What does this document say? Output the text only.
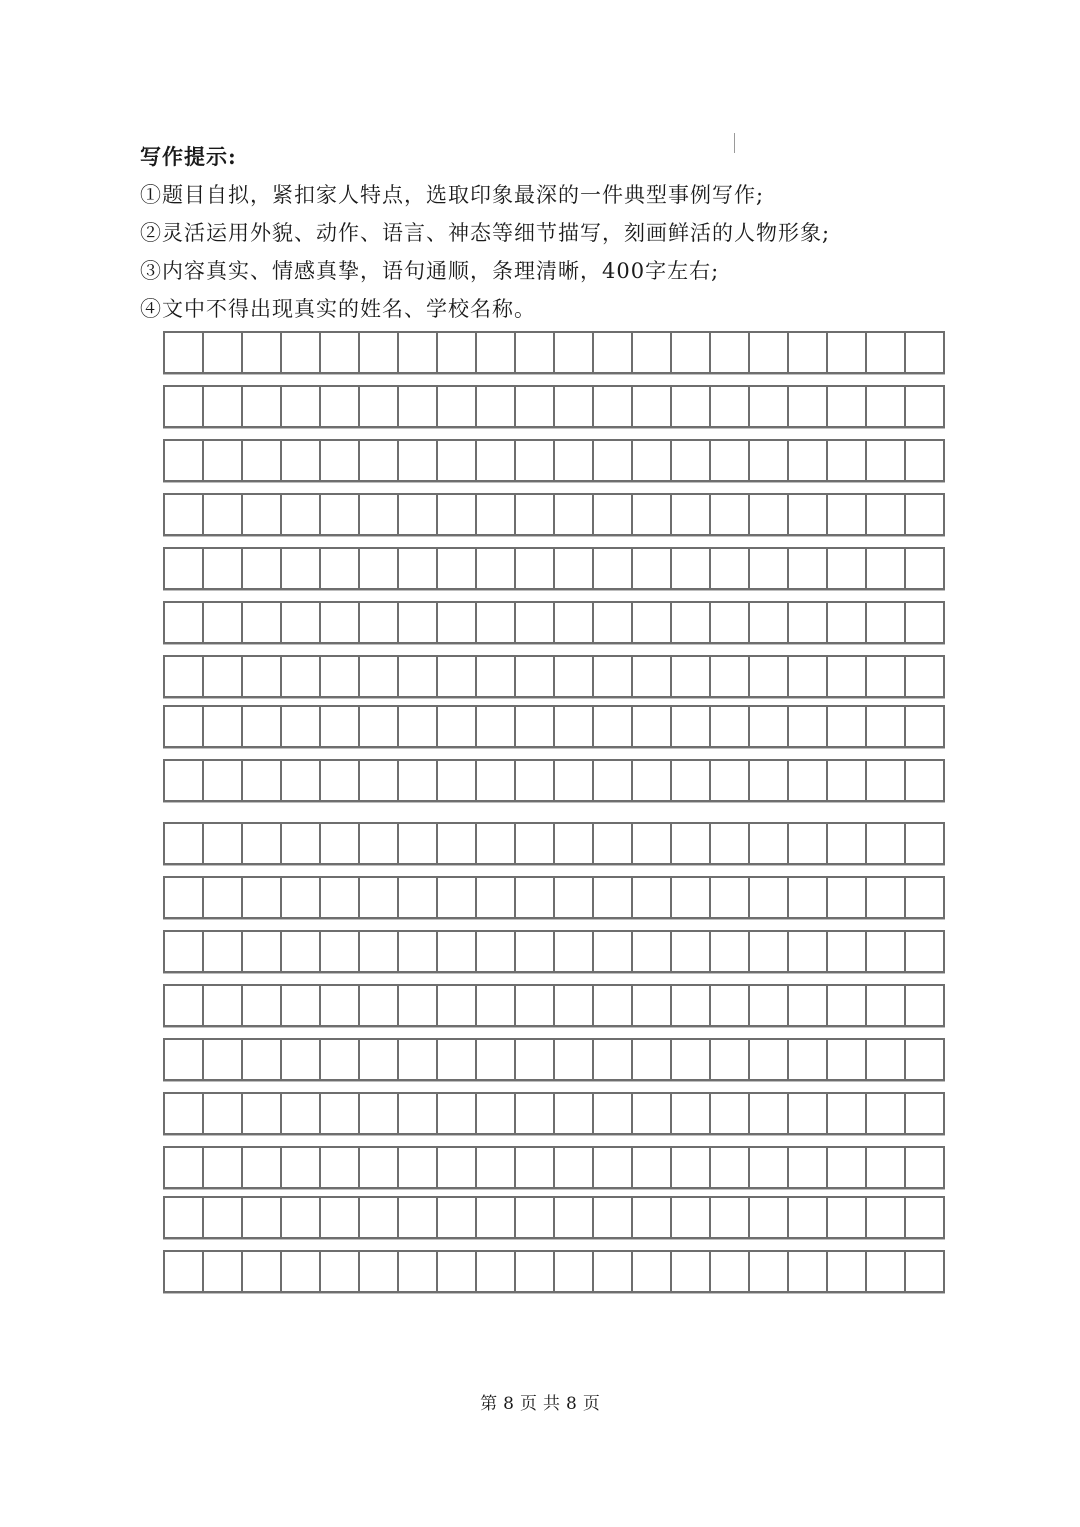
写作提示:
①题目自拟，紧扣家人特点，选取印象最深的一件典型事例写作;
②灵活运用外貌、动作、语言、神态等细节描写，刻画鲜活的人物形象;
③内容真实、情感真挚，语句通顺，条理清晰，400字左右;
④文中不得出现真实的姓名、学校名称。
第 8 页 共 8 页
